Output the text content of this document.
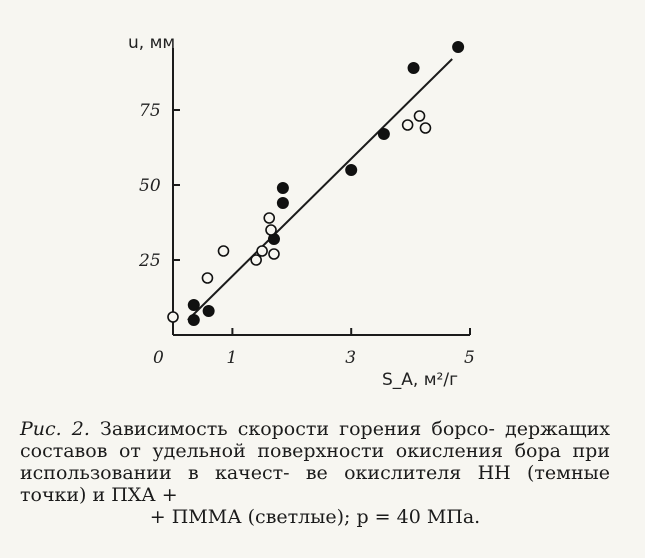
0	1	3	5
25
50
75
u, мм
S_A, м²/г
Рис. 2. Зависимость скорости горения борсо- держащих составов от удельной поверхности окисления бора при использовании в качест- ве окислителя НН (темные точки) и ПХА +
+ ПММА (светлые); p = 40 МПа.
